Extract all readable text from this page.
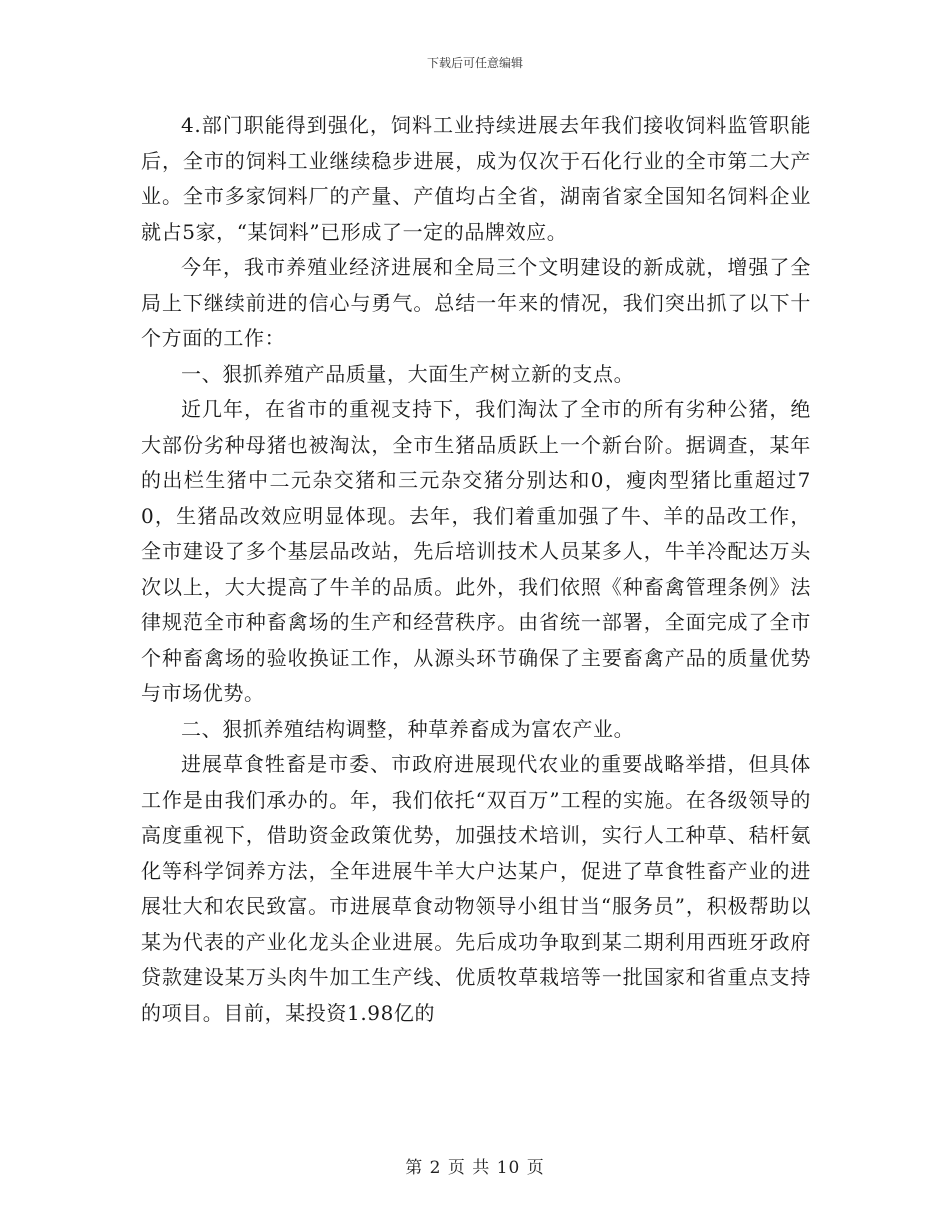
下载后可任意编辑

4.部门职能得到强化，饲料工业持续进展去年我们接收饲料监管职能后，全市的饲料工业继续稳步进展，成为仅次于石化行业的全市第二大产业。全市多家饲料厂的产量、产值均占全省，湖南省家全国知名饲料企业就占5家，“某饲料”已形成了一定的品牌效应。

今年，我市养殖业经济进展和全局三个文明建设的新成就，增强了全局上下继续前进的信心与勇气。总结一年来的情况，我们突出抓了以下十个方面的工作：

一、狠抓养殖产品质量，大面生产树立新的支点。

近几年，在省市的重视支持下，我们淘汰了全市的所有劣种公猪，绝大部份劣种母猪也被淘汰，全市生猪品质跃上一个新台阶。据调查，某年的出栏生猪中二元杂交猪和三元杂交猪分别达和0，瘦肉型猪比重超过70，生猪品改效应明显体现。去年，我们着重加强了牛、羊的品改工作，全市建设了多个基层品改站，先后培训技术人员某多人，牛羊冷配达万头次以上，大大提高了牛羊的品质。此外，我们依照《种畜禽管理条例》法律规范全市种畜禽场的生产和经营秩序。由省统一部署，全面完成了全市个种畜禽场的验收换证工作，从源头环节确保了主要畜禽产品的质量优势与市场优势。

二、狠抓养殖结构调整，种草养畜成为富农产业。

进展草食牲畜是市委、市政府进展现代农业的重要战略举措，但具体工作是由我们承办的。年，我们依托“双百万”工程的实施。在各级领导的高度重视下，借助资金政策优势，加强技术培训，实行人工种草、秸杆氨化等科学饲养方法，全年进展牛羊大户达某户，促进了草食牲畜产业的进展壮大和农民致富。市进展草食动物领导小组甘当“服务员”，积极帮助以某为代表的产业化龙头企业进展。先后成功争取到某二期利用西班牙政府贷款建设某万头肉牛加工生产线、优质牧草栽培等一批国家和省重点支持的项目。目前，某投资1.98亿的

第 2 页 共 10 页
